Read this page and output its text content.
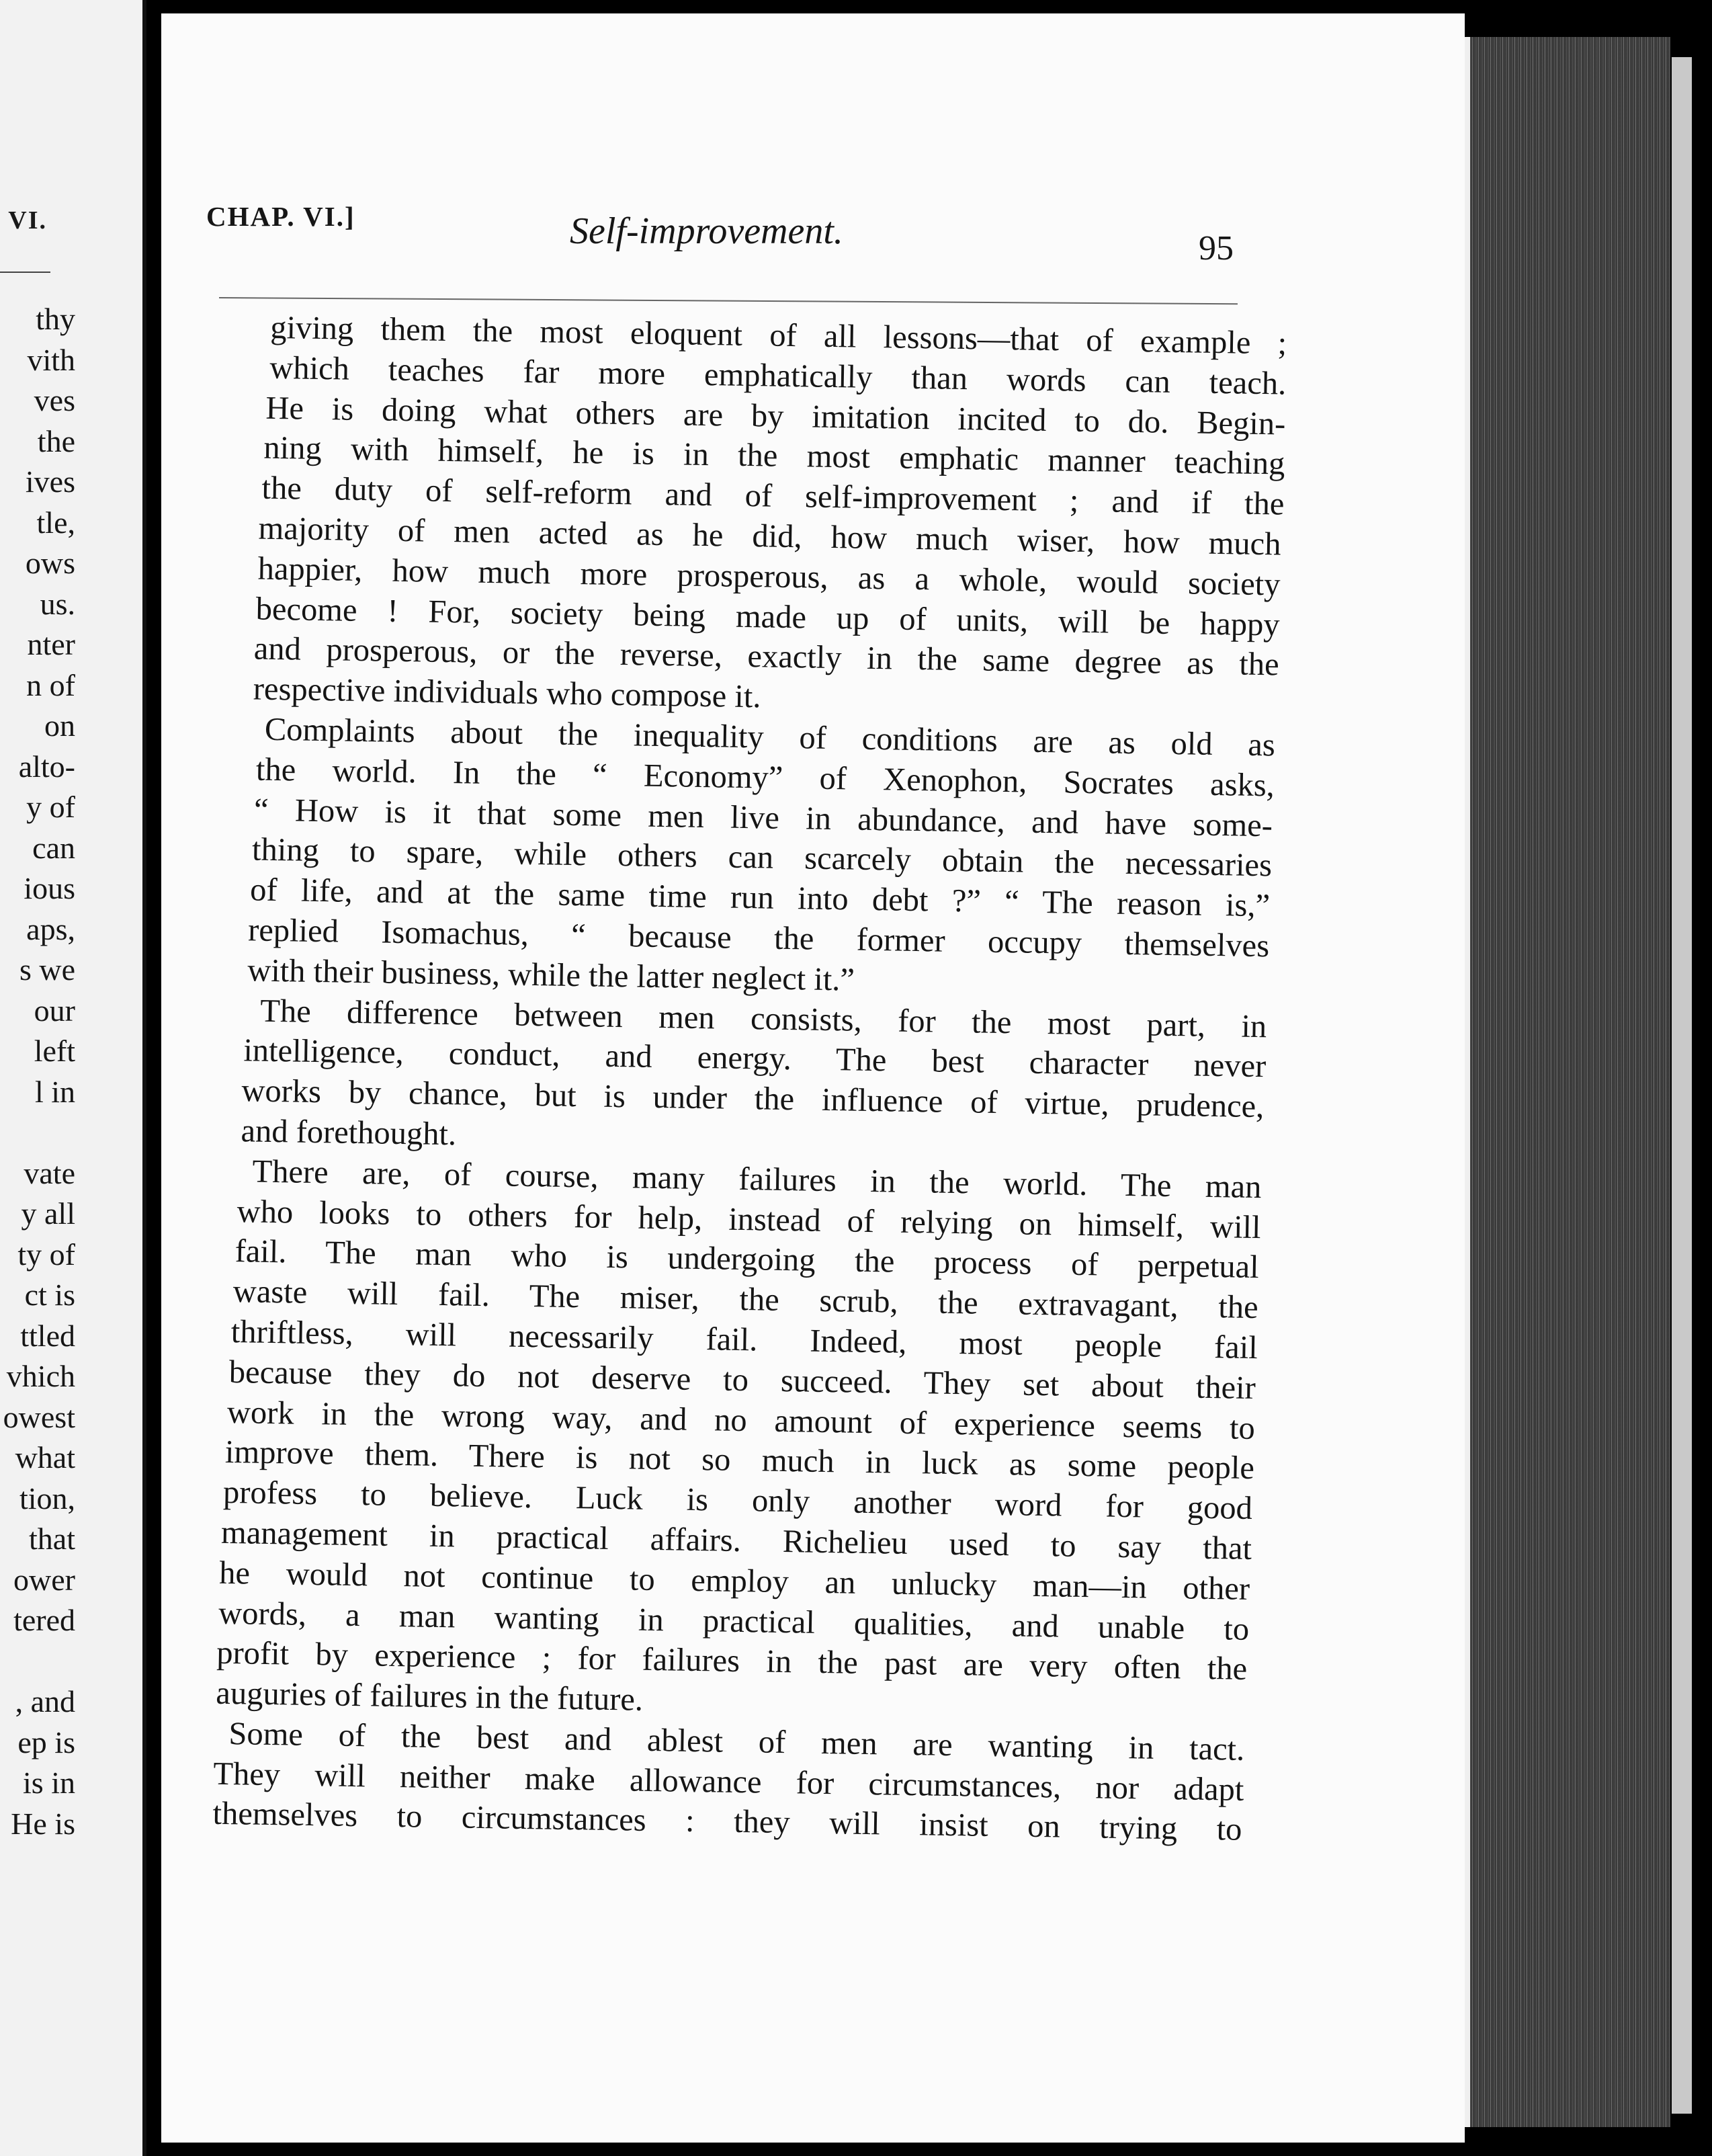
VI.
thy
vith
ves
the
ives
tle,
ows
us.
nter
n of
on
alto-
y of
can
ious
aps,
s we
our
left
l in
vate
y all
ty of
ct is
ttled
vhich
owest
what
tion,
that
ower
tered
, and
ep is
is in
He is
CHAP. VI.]	Self-improvement.	95
giving them the most eloquent of all lessons—that of example ;
which teaches far more emphatically than words can teach.
He is doing what others are by imitation incited to do. Begin-
ning with himself, he is in the most emphatic manner teaching
the duty of self-reform and of self-improvement ; and if the
majority of men acted as he did, how much wiser, how much
happier, how much more prosperous, as a whole, would society
become ! For, society being made up of units, will be happy
and prosperous, or the reverse, exactly in the same degree as the
respective individuals who compose it.
Complaints about the inequality of conditions are as old as
the world. In the “ Economy” of Xenophon, Socrates asks,
“ How is it that some men live in abundance, and have some-
thing to spare, while others can scarcely obtain the necessaries
of life, and at the same time run into debt ?” “ The reason is,”
replied Isomachus, “ because the former occupy themselves
with their business, while the latter neglect it.”
The difference between men consists, for the most part, in
intelligence, conduct, and energy. The best character never
works by chance, but is under the influence of virtue, prudence,
and forethought.
There are, of course, many failures in the world. The man
who looks to others for help, instead of relying on himself, will
fail. The man who is undergoing the process of perpetual
waste will fail. The miser, the scrub, the extravagant, the
thriftless, will necessarily fail. Indeed, most people fail
because they do not deserve to succeed. They set about their
work in the wrong way, and no amount of experience seems to
improve them. There is not so much in luck as some people
profess to believe. Luck is only another word for good
management in practical affairs. Richelieu used to say that
he would not continue to employ an unlucky man—in other
words, a man wanting in practical qualities, and unable to
profit by experience ; for failures in the past are very often the
auguries of failures in the future.
Some of the best and ablest of men are wanting in tact.
They will neither make allowance for circumstances, nor adapt
themselves to circumstances : they will insist on trying to
